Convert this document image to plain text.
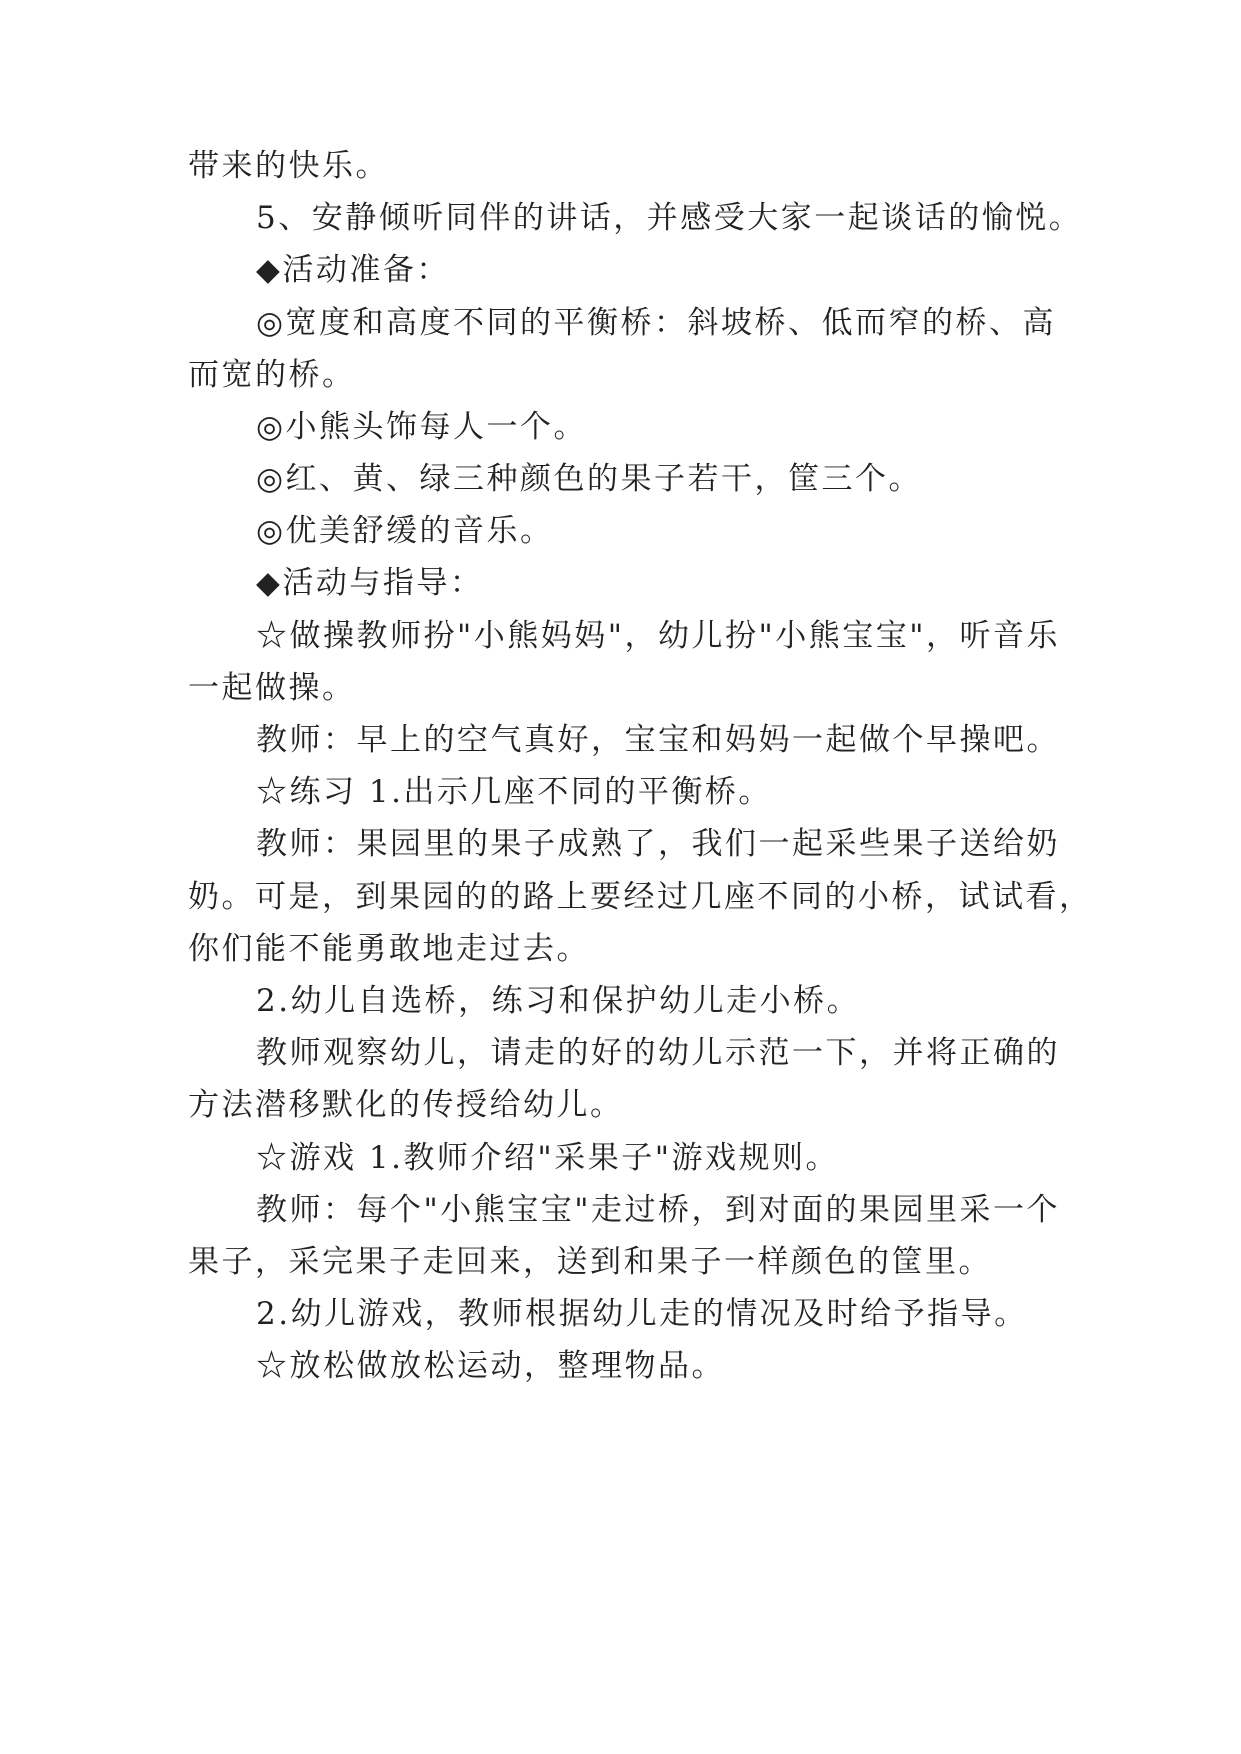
带来的快乐。

5、安静倾听同伴的讲话，并感受大家一起谈话的愉悦。

◆活动准备：

◎宽度和高度不同的平衡桥：斜坡桥、低而窄的桥、高

而宽的桥。

◎小熊头饰每人一个。

◎红、黄、绿三种颜色的果子若干，筐三个。

◎优美舒缓的音乐。

◆活动与指导：

☆做操教师扮"小熊妈妈"，幼儿扮"小熊宝宝"，听音乐

一起做操。

教师：早上的空气真好，宝宝和妈妈一起做个早操吧。

☆练习 1.出示几座不同的平衡桥。

教师：果园里的果子成熟了，我们一起采些果子送给奶

奶。可是，到果园的的路上要经过几座不同的小桥，试试看，

你们能不能勇敢地走过去。

2.幼儿自选桥，练习和保护幼儿走小桥。

教师观察幼儿，请走的好的幼儿示范一下，并将正确的

方法潜移默化的传授给幼儿。

☆游戏 1.教师介绍"采果子"游戏规则。

教师：每个"小熊宝宝"走过桥，到对面的果园里采一个

果子，采完果子走回来，送到和果子一样颜色的筐里。

2.幼儿游戏，教师根据幼儿走的情况及时给予指导。

☆放松做放松运动，整理物品。
